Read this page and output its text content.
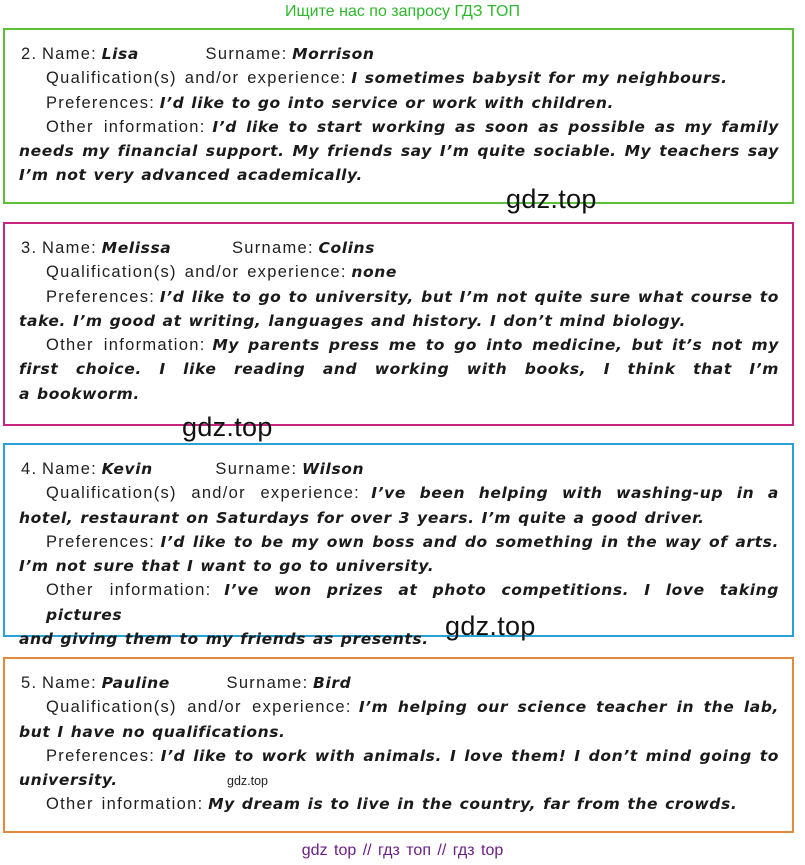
Ищите нас по запросу ГДЗ ТОП
2. Name: Lisa	Surname: Morrison
Qualification(s) and/or experience: I sometimes babysit for my neighbours.
Preferences: I’d like to go into service or work with children.
Other information: I’d like to start working as soon as possible as my family
needs my financial support. My friends say I’m quite sociable. My teachers say
I’m not very advanced academically.
3. Name: Melissa	Surname: Colins
Qualification(s) and/or experience: none
Preferences: I’d like to go to university, but I’m not quite sure what course to
take. I’m good at writing, languages and history. I don’t mind biology.
Other information: My parents press me to go into medicine, but it’s not my
first choice. I like reading and working with books, I think that I’m
a bookworm.
4. Name: Kevin	Surname: Wilson
Qualification(s) and/or experience: I’ve been helping with washing-up in a
hotel, restaurant on Saturdays for over 3 years. I’m quite a good driver.
Preferences: I’d like to be my own boss and do something in the way of arts.
I’m not sure that I want to go to university.
Other information: I’ve won prizes at photo competitions. I love taking pictures
and giving them to my friends as presents.
5. Name: Pauline	Surname: Bird
Qualification(s) and/or experience: I’m helping our science teacher in the lab,
but I have no qualifications.
Preferences: I’d like to work with animals. I love them! I don’t mind going to
university.
Other information: My dream is to live in the country, far from the crowds.
gdz.top
gdz.top
gdz.top
gdz.top
gdz top // гдз топ // гдз top
